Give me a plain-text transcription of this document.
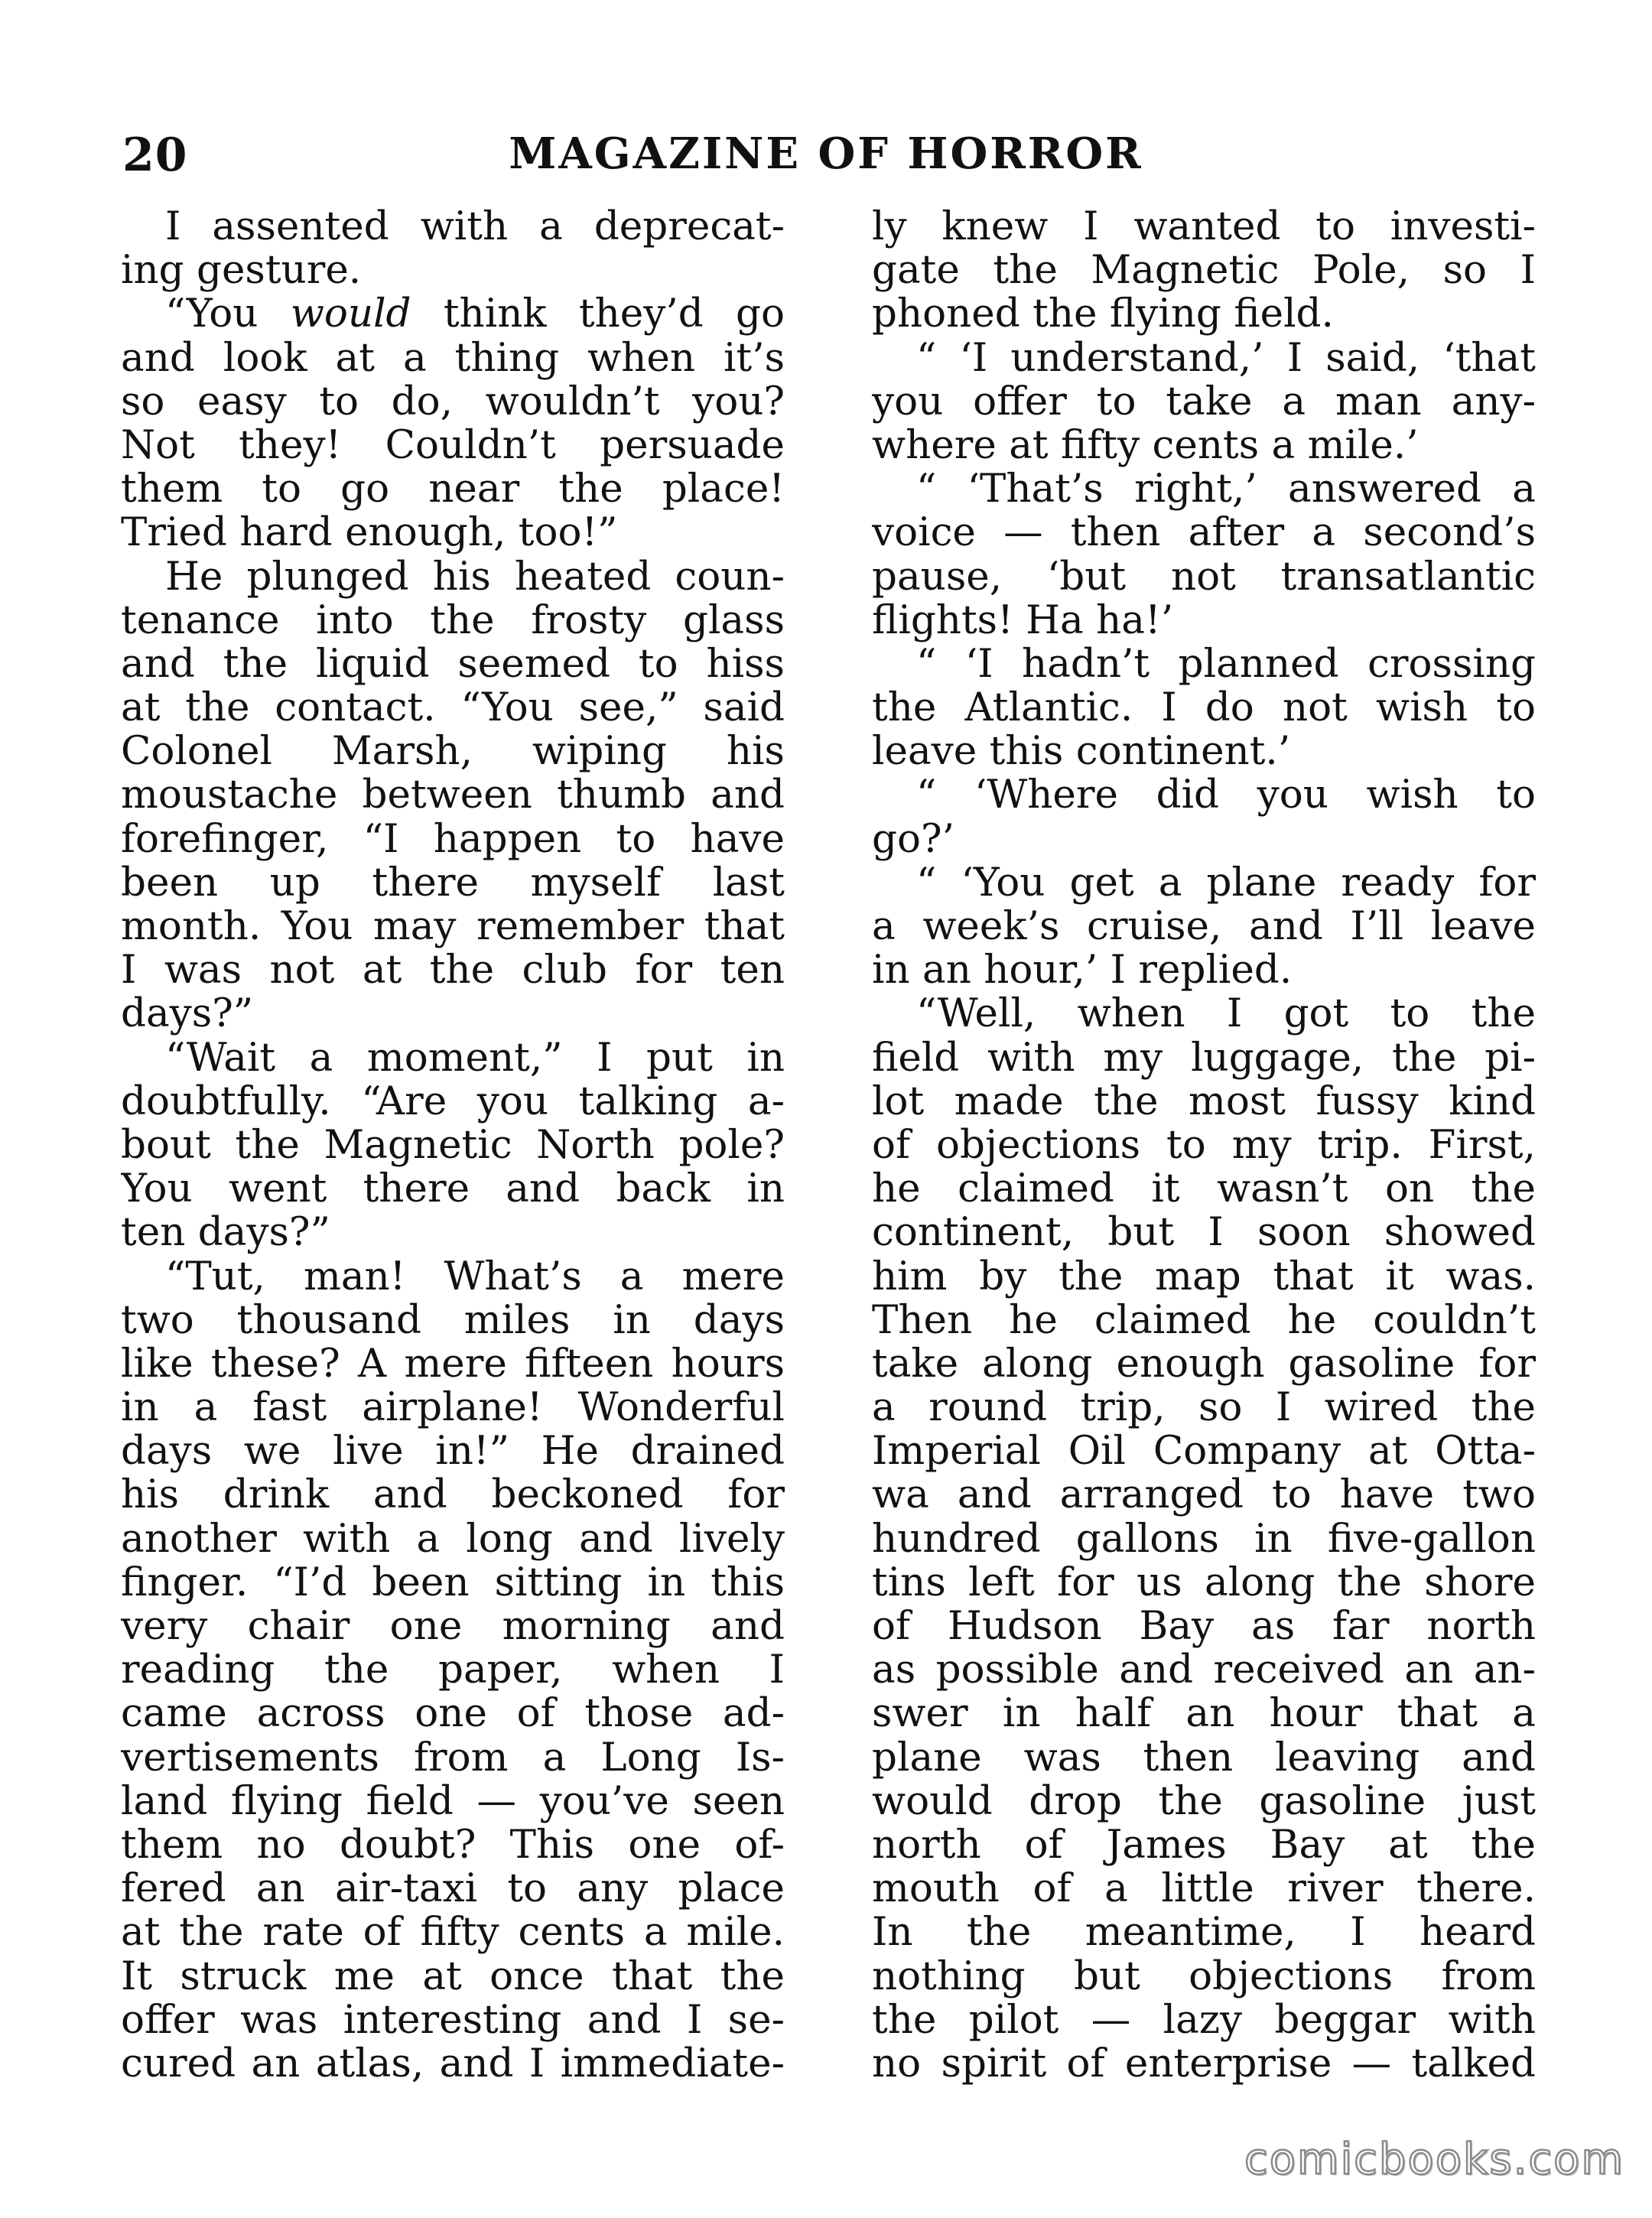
20	MAGAZINE OF HORROR
I assented with a deprecat-
ing gesture.
“You would think they’d go
and look at a thing when it’s
so easy to do, wouldn’t you?
Not they! Couldn’t persuade
them to go near the place!
Tried hard enough, too!”
He plunged his heated coun-
tenance into the frosty glass
and the liquid seemed to hiss
at the contact. “You see,” said
Colonel Marsh, wiping his
moustache between thumb and
forefinger, “I happen to have
been up there myself last
month. You may remember that
I was not at the club for ten
days?”
“Wait a moment,” I put in
doubtfully. “Are you talking a-
bout the Magnetic North pole?
You went there and back in
ten days?”
“Tut, man! What’s a mere
two thousand miles in days
like these? A mere fifteen hours
in a fast airplane! Wonderful
days we live in!” He drained
his drink and beckoned for
another with a long and lively
finger. “I’d been sitting in this
very chair one morning and
reading the paper, when I
came across one of those ad-
vertisements from a Long Is-
land flying field — you’ve seen
them no doubt? This one of-
fered an air-taxi to any place
at the rate of fifty cents a mile.
It struck me at once that the
offer was interesting and I se-
cured an atlas, and I immediate-
ly knew I wanted to investi-
gate the Magnetic Pole, so I
phoned the flying field.
“ ‘I understand,’ I said, ‘that
you offer to take a man any-
where at fifty cents a mile.’
“ ‘That’s right,’ answered a
voice — then after a second’s
pause, ‘but not transatlantic
flights! Ha ha!’
“ ‘I hadn’t planned crossing
the Atlantic. I do not wish to
leave this continent.’
“ ‘Where did you wish to
go?’
“ ‘You get a plane ready for
a week’s cruise, and I’ll leave
in an hour,’ I replied.
“Well, when I got to the
field with my luggage, the pi-
lot made the most fussy kind
of objections to my trip. First,
he claimed it wasn’t on the
continent, but I soon showed
him by the map that it was.
Then he claimed he couldn’t
take along enough gasoline for
a round trip, so I wired the
Imperial Oil Company at Otta-
wa and arranged to have two
hundred gallons in five-gallon
tins left for us along the shore
of Hudson Bay as far north
as possible and received an an-
swer in half an hour that a
plane was then leaving and
would drop the gasoline just
north of James Bay at the
mouth of a little river there.
In the meantime, I heard
nothing but objections from
the pilot — lazy beggar with
no spirit of enterprise — talked
comicbooks.com
